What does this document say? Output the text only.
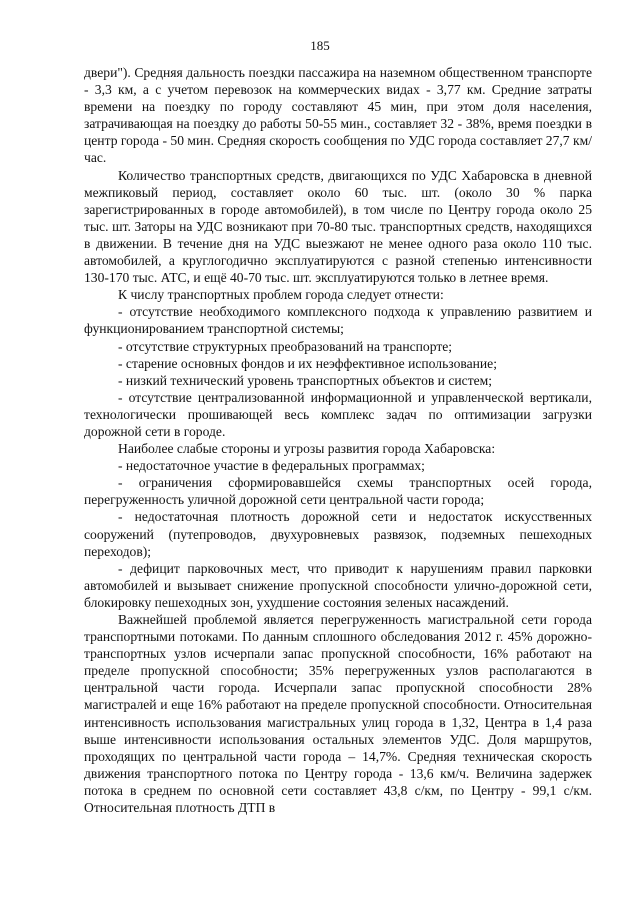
185

двери"). Средняя дальность поездки пассажира на наземном общественном транспорте - 3,3 км, а с учетом перевозок на коммерческих видах - 3,77 км. Средние затраты времени на поездку по городу составляют 45 мин, при этом доля населения, затрачивающая на поездку до работы 50-55 мин., составляет 32 - 38%, время поездки в центр города - 50 мин. Средняя скорость сообщения по УДС города составляет 27,7 км/час.

Количество транспортных средств, двигающихся по УДС Хабаровска в дневной межпиковый период, составляет около 60 тыс. шт. (около 30 % парка зарегистрированных в городе автомобилей), в том числе по Центру города около 25 тыс. шт. Заторы на УДС возникают при 70-80 тыс. транспортных средств, находящихся в движении. В течение дня на УДС выезжают не менее одного раза около 110 тыс. автомобилей, а круглогодично эксплуатируются с разной степенью интенсивности 130-170 тыс. АТС, и ещё 40-70 тыс. шт. эксплуатируются только в летнее время.

К числу транспортных проблем города следует отнести:

- отсутствие необходимого комплексного подхода к управлению развитием и функционированием транспортной системы;

- отсутствие структурных преобразований на транспорте;

- старение основных фондов и их неэффективное использование;

- низкий технический уровень транспортных объектов и систем;

- отсутствие централизованной информационной и управленческой вертикали, технологически прошивающей весь комплекс задач по оптимизации загрузки дорожной сети в городе.

Наиболее слабые стороны и угрозы развития города Хабаровска:

- недостаточное участие в федеральных программах;

- ограничения сформировавшейся схемы транспортных осей города, перегруженность уличной дорожной сети центральной части города;

- недостаточная плотность дорожной сети и недостаток искусственных сооружений (путепроводов, двухуровневых развязок, подземных пешеходных переходов);

- дефицит парковочных мест, что приводит к нарушениям правил парковки автомобилей и вызывает снижение пропускной способности улично-дорожной сети, блокировку пешеходных зон, ухудшение состояния зеленых насаждений.

Важнейшей проблемой является перегруженность магистральной сети города транспортными потоками. По данным сплошного обследования 2012 г. 45% дорожно-транспортных узлов исчерпали запас пропускной способности, 16% работают на пределе пропускной способности; 35% перегруженных узлов располагаются в центральной части города. Исчерпали запас пропускной способности 28% магистралей и еще 16% работают на пределе пропускной способности. Относительная интенсивность использования магистральных улиц города в 1,32, Центра в 1,4 раза выше интенсивности использования остальных элементов УДС. Доля маршрутов, проходящих по центральной части города – 14,7%. Средняя техническая скорость движения транспортного потока по Центру города - 13,6 км/ч. Величина задержек потока в среднем по основной сети составляет 43,8 с/км, по Центру - 99,1 с/км. Относительная плотность ДТП в
